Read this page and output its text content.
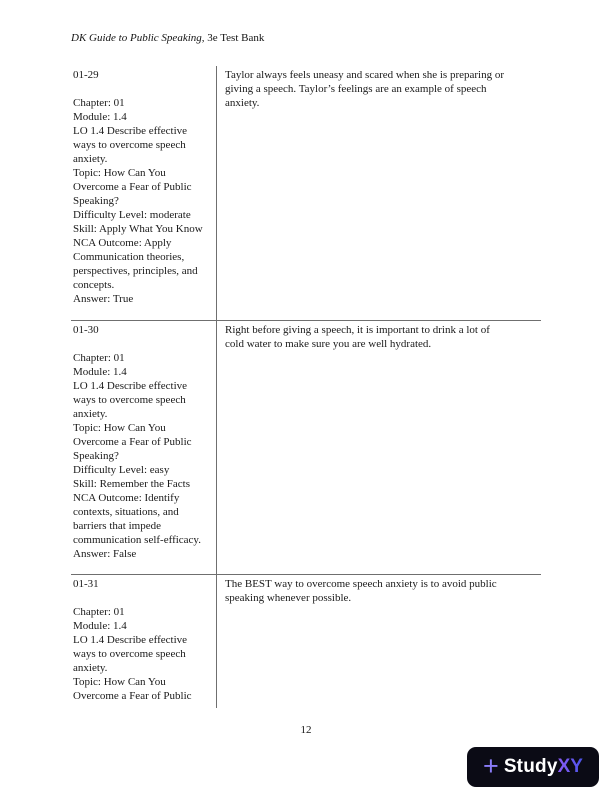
DK Guide to Public Speaking, 3e Test Bank
01-29
Chapter: 01
Module: 1.4
LO 1.4 Describe effective ways to overcome speech anxiety.
Topic: How Can You Overcome a Fear of Public Speaking?
Difficulty Level: moderate
Skill: Apply What You Know
NCA Outcome: Apply Communication theories, perspectives, principles, and concepts.
Answer: True
Taylor always feels uneasy and scared when she is preparing or giving a speech. Taylor’s feelings are an example of speech anxiety.
01-30
Chapter: 01
Module: 1.4
LO 1.4 Describe effective ways to overcome speech anxiety.
Topic: How Can You Overcome a Fear of Public Speaking?
Difficulty Level: easy
Skill: Remember the Facts
NCA Outcome: Identify contexts, situations, and barriers that impede communication self-efficacy.
Answer: False
Right before giving a speech, it is important to drink a lot of cold water to make sure you are well hydrated.
01-31
Chapter: 01
Module: 1.4
LO 1.4 Describe effective ways to overcome speech anxiety.
Topic: How Can You Overcome a Fear of Public
The BEST way to overcome speech anxiety is to avoid public speaking whenever possible.
12
+ StudyXY
